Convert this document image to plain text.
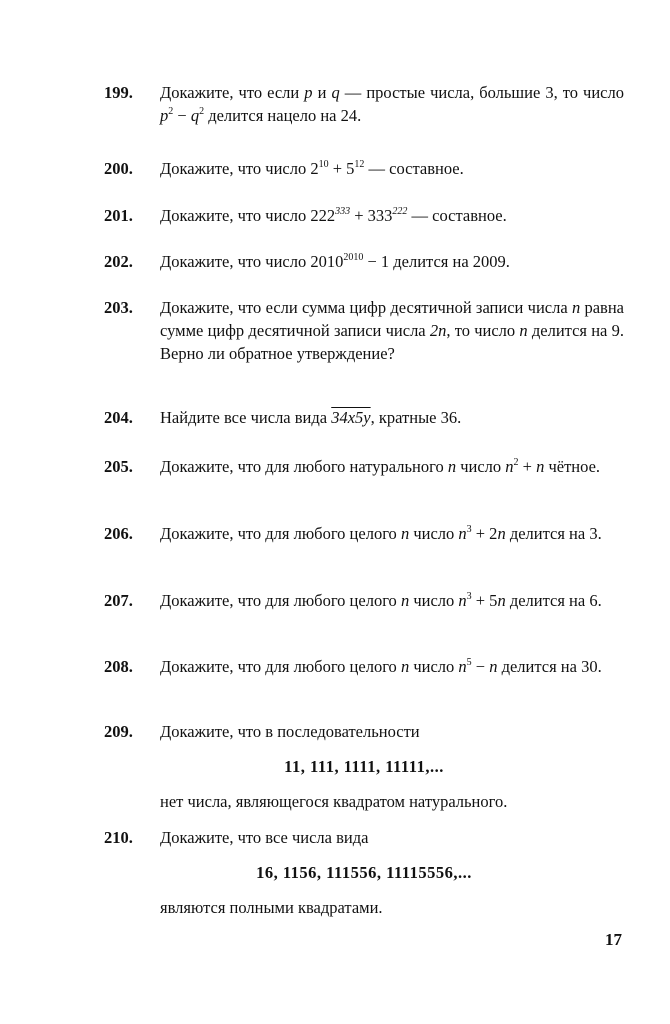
199.	Докажите, что если p и q — простые числа, большие 3, то число $p^2 - q^2$ делится нацело на 24.
200.	Докажите, что число $2^{10} + 5^{12}$ — составное.
201.	Докажите, что число $222^{333} + 333^{222}$ — составное.
202.	Докажите, что число $2010^{2010} - 1$ делится на 2009.
203.	Докажите, что если сумма цифр десятичной записи числа n равна сумме цифр десятичной записи числа 2n, то число n делится на 9. Верно ли обратное утверждение?
204.	Найдите все числа вида 34x5y, кратные 36.
205.	Докажите, что для любого натурального n число $n^2 + n$ чётное.
206.	Докажите, что для любого целого n число $n^3 + 2n$ делится на 3.
207.	Докажите, что для любого целого n число $n^3 + 5n$ делится на 6.
208.	Докажите, что для любого целого n число $n^5 - n$ делится на 30.
209.	Докажите, что в последовательности
11, 111, 1111, 11111,...
нет числа, являющегося квадратом натурального.
210.	Докажите, что все числа вида
16, 1156, 111556, 11115556,...
являются полными квадратами.
17
